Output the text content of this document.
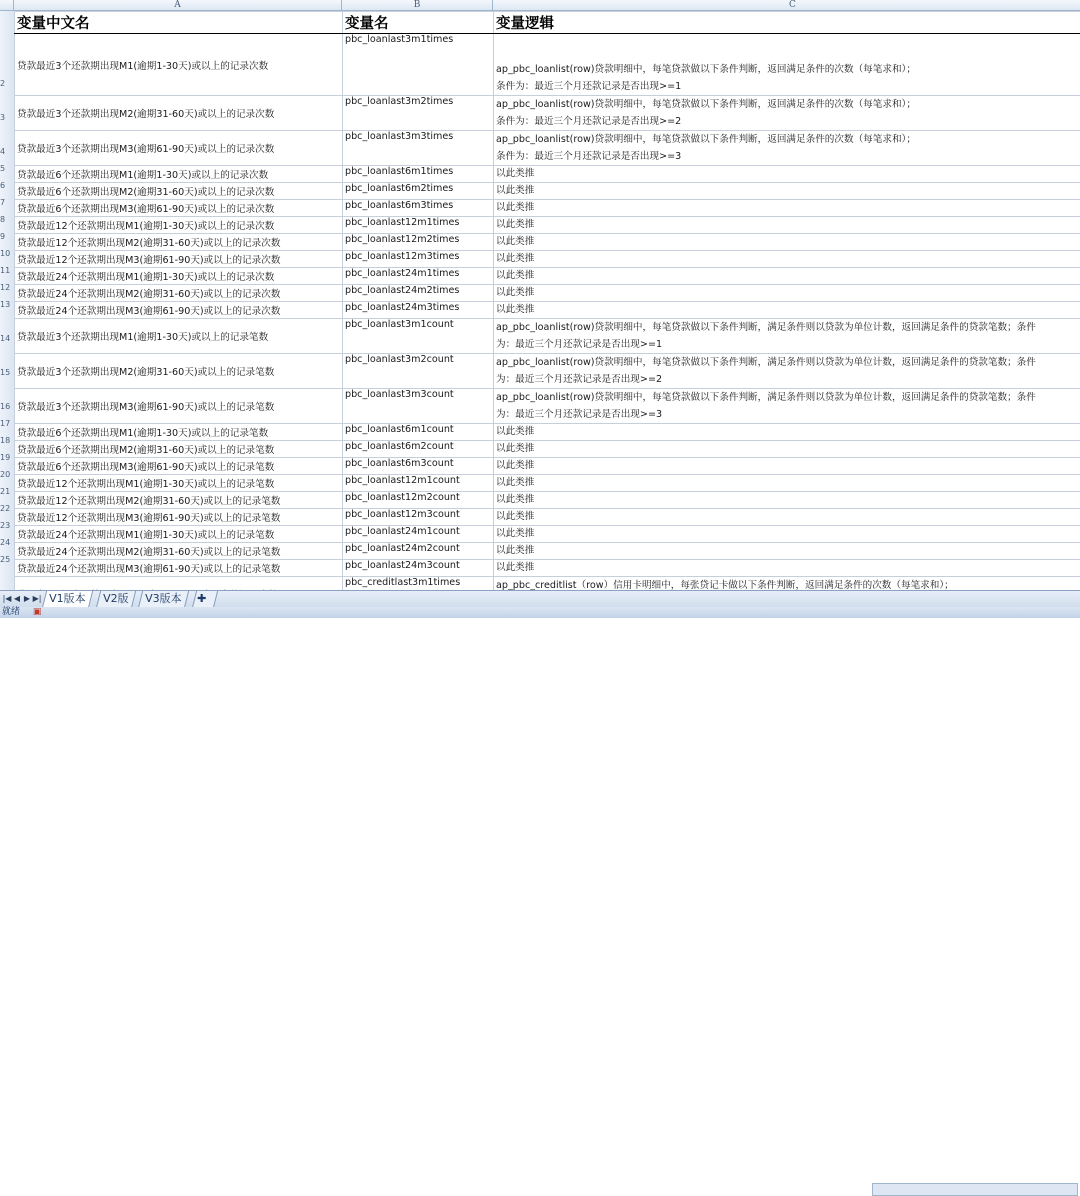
A	B	C
2
3
4
5
6
7
8
9
10
11
12
13
14
15
16
17
18
19
20
21
22
23
24
25
变量中文名	变量名	变量逻辑
贷款最近3个还款期出现M1(逾期1-30天)或以上的记录次数	pbc_loanlast3m1times	ap_pbc_loanlist(row)贷款明细中，每笔贷款做以下条件判断，返回满足条件的次数（每笔求和）；
条件为：最近三个月还款记录是否出现>=1

贷款最近3个还款期出现M2(逾期31-60天)或以上的记录次数	pbc_loanlast3m2times	ap_pbc_loanlist(row)贷款明细中，每笔贷款做以下条件判断，返回满足条件的次数（每笔求和）；
条件为：最近三个月还款记录是否出现>=2

贷款最近3个还款期出现M3(逾期61-90天)或以上的记录次数	pbc_loanlast3m3times	ap_pbc_loanlist(row)贷款明细中，每笔贷款做以下条件判断，返回满足条件的次数（每笔求和）；
条件为：最近三个月还款记录是否出现>=3

贷款最近6个还款期出现M1(逾期1-30天)或以上的记录次数	pbc_loanlast6m1times	以此类推

贷款最近6个还款期出现M2(逾期31-60天)或以上的记录次数	pbc_loanlast6m2times	以此类推

贷款最近6个还款期出现M3(逾期61-90天)或以上的记录次数	pbc_loanlast6m3times	以此类推

贷款最近12个还款期出现M1(逾期1-30天)或以上的记录次数	pbc_loanlast12m1times	以此类推

贷款最近12个还款期出现M2(逾期31-60天)或以上的记录次数	pbc_loanlast12m2times	以此类推

贷款最近12个还款期出现M3(逾期61-90天)或以上的记录次数	pbc_loanlast12m3times	以此类推

贷款最近24个还款期出现M1(逾期1-30天)或以上的记录次数	pbc_loanlast24m1times	以此类推

贷款最近24个还款期出现M2(逾期31-60天)或以上的记录次数	pbc_loanlast24m2times	以此类推

贷款最近24个还款期出现M3(逾期61-90天)或以上的记录次数	pbc_loanlast24m3times	以此类推

贷款最近3个还款期出现M1(逾期1-30天)或以上的记录笔数	pbc_loanlast3m1count	ap_pbc_loanlist(row)贷款明细中，每笔贷款做以下条件判断，满足条件则以贷款为单位计数，返回满足条件的贷款笔数；条件
为：最近三个月还款记录是否出现>=1

贷款最近3个还款期出现M2(逾期31-60天)或以上的记录笔数	pbc_loanlast3m2count	ap_pbc_loanlist(row)贷款明细中，每笔贷款做以下条件判断，满足条件则以贷款为单位计数，返回满足条件的贷款笔数；条件
为：最近三个月还款记录是否出现>=2

贷款最近3个还款期出现M3(逾期61-90天)或以上的记录笔数	pbc_loanlast3m3count	ap_pbc_loanlist(row)贷款明细中，每笔贷款做以下条件判断，满足条件则以贷款为单位计数，返回满足条件的贷款笔数；条件
为：最近三个月还款记录是否出现>=3

贷款最近6个还款期出现M1(逾期1-30天)或以上的记录笔数	pbc_loanlast6m1count	以此类推

贷款最近6个还款期出现M2(逾期31-60天)或以上的记录笔数	pbc_loanlast6m2count	以此类推

贷款最近6个还款期出现M3(逾期61-90天)或以上的记录笔数	pbc_loanlast6m3count	以此类推

贷款最近12个还款期出现M1(逾期1-30天)或以上的记录笔数	pbc_loanlast12m1count	以此类推

贷款最近12个还款期出现M2(逾期31-60天)或以上的记录笔数	pbc_loanlast12m2count	以此类推

贷款最近12个还款期出现M3(逾期61-90天)或以上的记录笔数	pbc_loanlast12m3count	以此类推

贷款最近24个还款期出现M1(逾期1-30天)或以上的记录笔数	pbc_loanlast24m1count	以此类推

贷款最近24个还款期出现M2(逾期31-60天)或以上的记录笔数	pbc_loanlast24m2count	以此类推

贷款最近24个还款期出现M3(逾期61-90天)或以上的记录笔数	pbc_loanlast24m3count	以此类推

	pbc_creditlast3m1times	ap_pbc_creditlist（row）信用卡明细中，每张贷记卡做以下条件判断，返回满足条件的次数（每笔求和）；
|◀ ◀ ▶ ▶| V1版本	V2版	V3版本	✚
就绪 ▣
